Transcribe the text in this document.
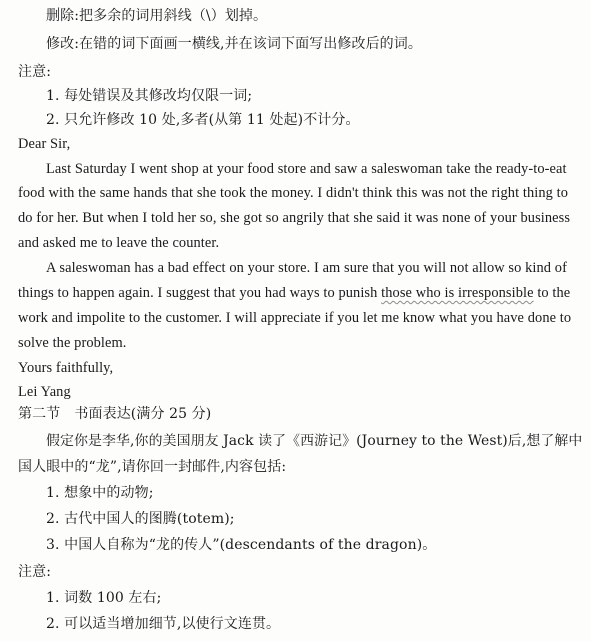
删除:把多余的词用斜线（\）划掉。
修改:在错的词下面画一横线,并在该词下面写出修改后的词。
注意:
1. 每处错误及其修改均仅限一词;
2. 只允许修改 10 处,多者(从第 11 处起)不计分。
Dear Sir,
Last Saturday I went shop at your food store and saw a saleswoman take the ready-to-eat
food with the same hands that she took the money. I didn't think this was not the right thing to
do for her. But when I told her so, she got so angrily that she said it was none of your business
and asked me to leave the counter.
A saleswoman has a bad effect on your store. I am sure that you will not allow so kind of
things to happen again. I suggest that you had ways to punish those who is irresponsible to the
work and impolite to the customer. I will appreciate if you let me know what you have done to
solve the problem.
Yours faithfully,
Lei Yang
第二节　书面表达(满分 25 分)
假定你是李华,你的美国朋友 Jack 读了《西游记》(Journey to the West)后,想了解中
国人眼中的“龙”,请你回一封邮件,内容包括:
1. 想象中的动物;
2. 古代中国人的图腾(totem);
3. 中国人自称为“龙的传人”(descendants of the dragon)。
注意:
1. 词数 100 左右;
2. 可以适当增加细节,以使行文连贯。
